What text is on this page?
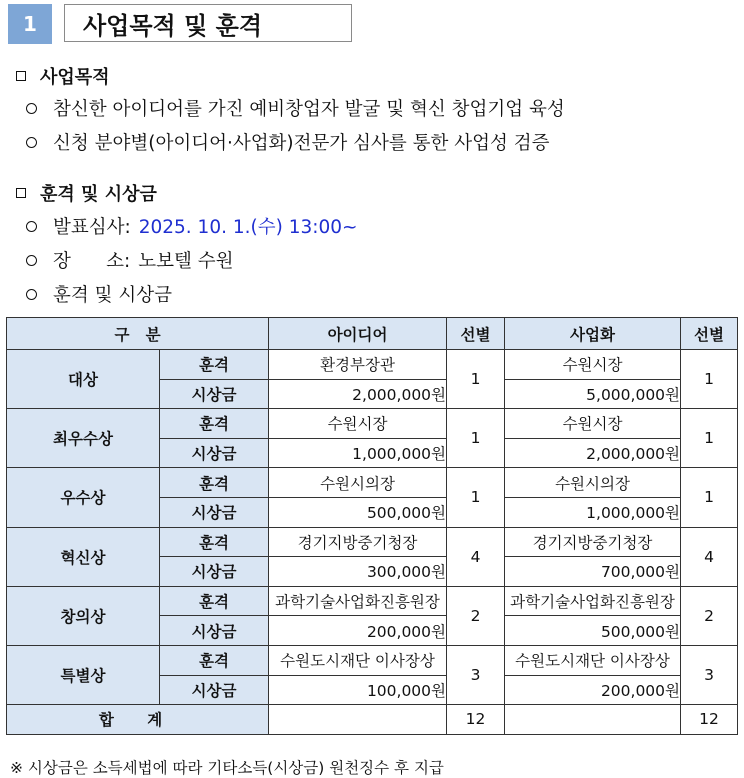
1	사업목적 및 훈격
사업목적
참신한 아이디어를 가진 예비창업자 발굴 및 혁신 창업기업 육성
신청 분야별(아이디어·사업화)전문가 심사를 통한 사업성 검증
훈격 및 시상금
발표심사: 2025. 10. 1.(수) 13:00~
장      소: 노보텔 수원
훈격 및 시상금
구   분		아이디어	선별	사업화	선별
대상	훈격	환경부장관	1	수원시장	1
	시상금	2,000,000원		5,000,000원	
최우수상	훈격	수원시장	1	수원시장	1
	시상금	1,000,000원		2,000,000원	
우수상	훈격	수원시의장	1	수원시의장	1
	시상금	500,000원		1,000,000원	
혁신상	훈격	경기지방중기청장	4	경기지방중기청장	4
	시상금	300,000원		700,000원	
창의상	훈격	과학기술사업화진흥원장	2	과학기술사업화진흥원장	2
	시상금	200,000원		500,000원	
특별상	훈격	수원도시재단 이사장상	3	수원도시재단 이사장상	3
	시상금	100,000원		200,000원	
합 계			12		12
※ 시상금은 소득세법에 따라 기타소득(시상금) 원천징수 후 지급
